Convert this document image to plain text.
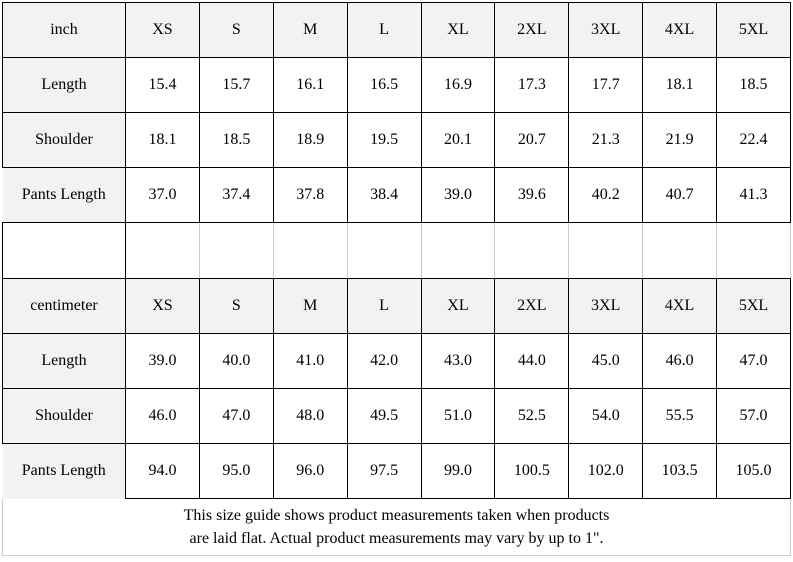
inch	XS	S	M	L	XL	2XL	3XL	4XL	5XL
Length	15.4	15.7	16.1	16.5	16.9	17.3	17.7	18.1	18.5
Shoulder	18.1	18.5	18.9	19.5	20.1	20.7	21.3	21.9	22.4
Pants Length	37.0	37.4	37.8	38.4	39.0	39.6	40.2	40.7	41.3

centimeter	XS	S	M	L	XL	2XL	3XL	4XL	5XL
Length	39.0	40.0	41.0	42.0	43.0	44.0	45.0	46.0	47.0
Shoulder	46.0	47.0	48.0	49.5	51.0	52.5	54.0	55.5	57.0
Pants Length	94.0	95.0	96.0	97.5	99.0	100.5	102.0	103.5	105.0
This size guide shows product measurements taken when products
are laid flat. Actual product measurements may vary by up to 1".
